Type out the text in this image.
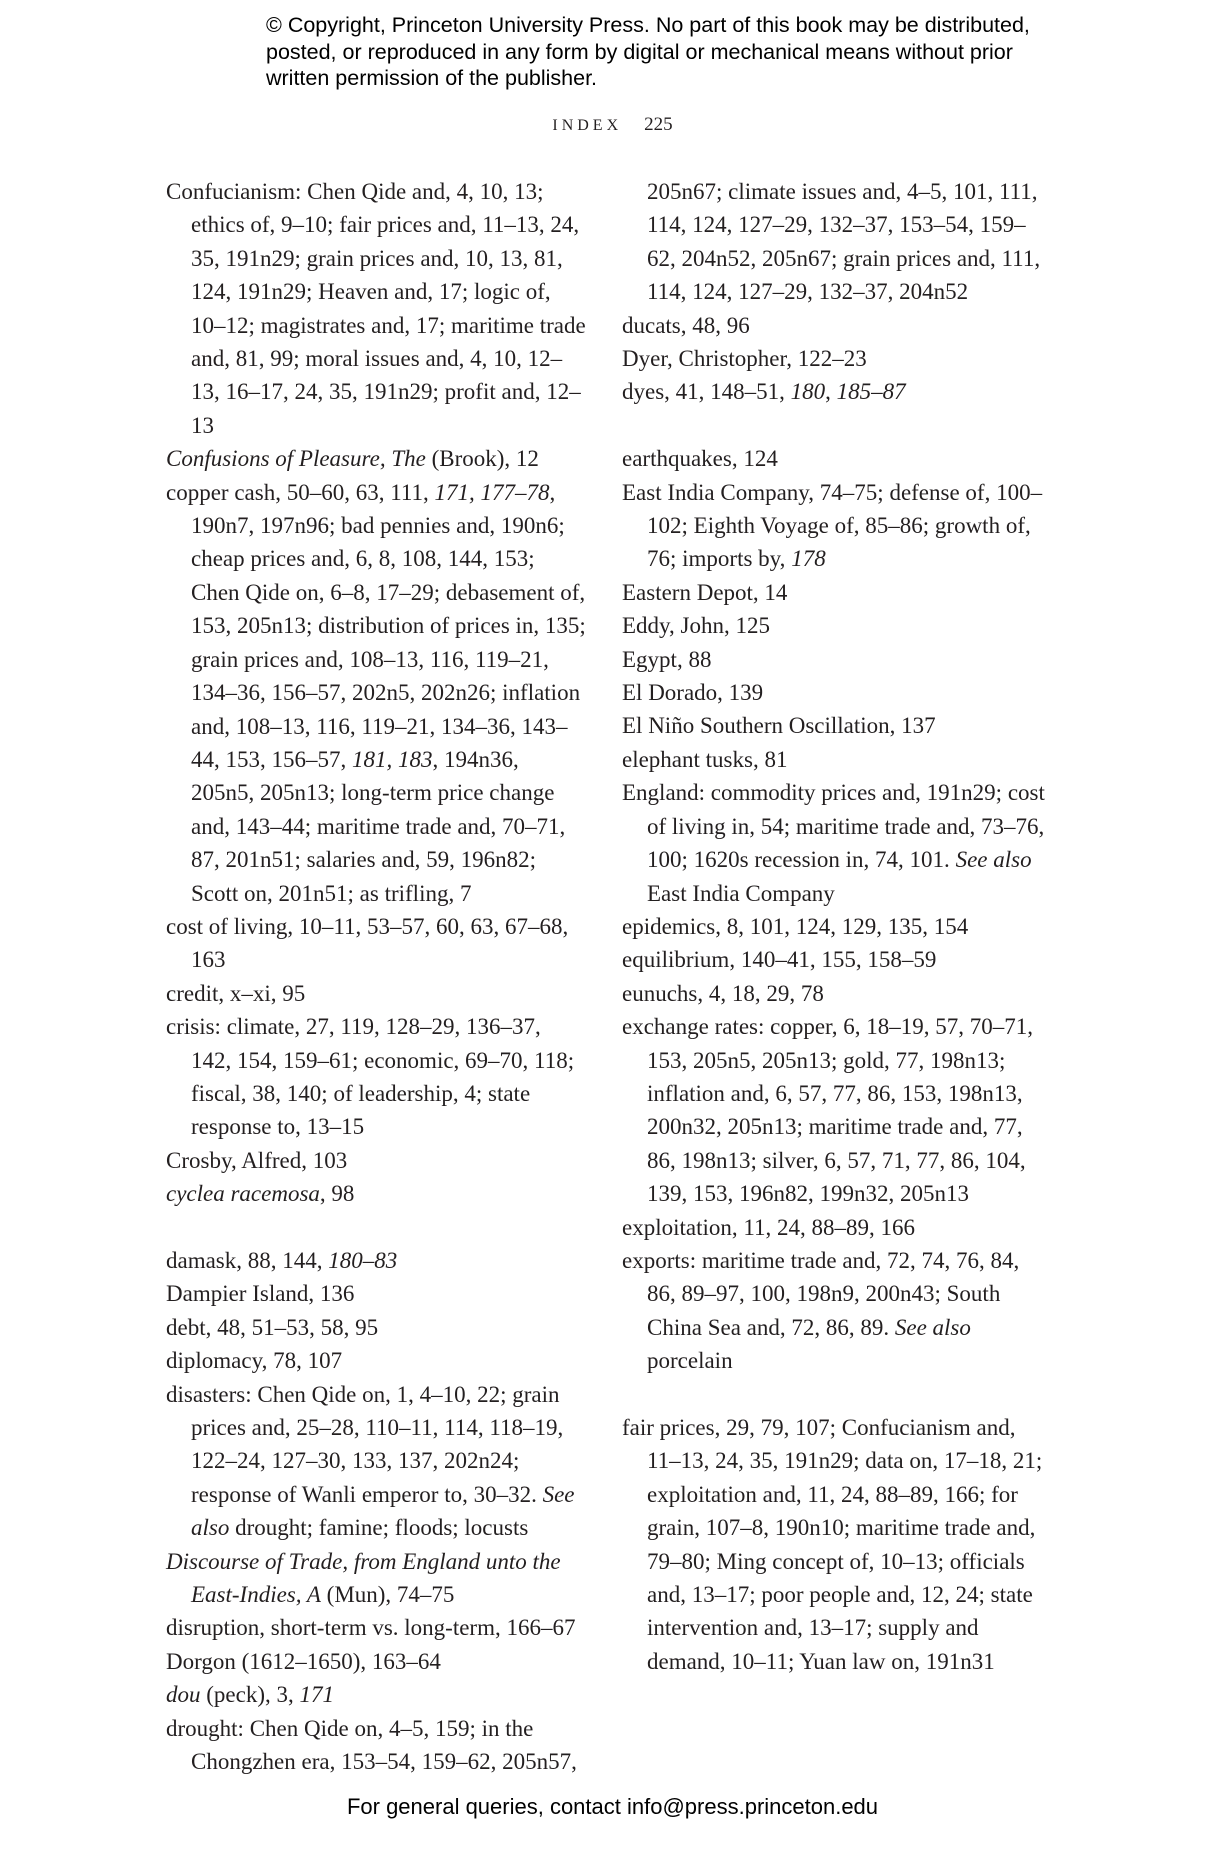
© Copyright, Princeton University Press. No part of this book may be distributed, posted, or reproduced in any form by digital or mechanical means without prior written permission of the publisher.
INDEX 225
Confucianism: Chen Qide and, 4, 10, 13; ethics of, 9–10; fair prices and, 11–13, 24, 35, 191n29; grain prices and, 10, 13, 81, 124, 191n29; Heaven and, 17; logic of, 10–12; magistrates and, 17; maritime trade and, 81, 99; moral issues and, 4, 10, 12–13, 16–17, 24, 35, 191n29; profit and, 12–13
Confusions of Pleasure, The (Brook), 12
copper cash, 50–60, 63, 111, 171, 177–78, 190n7, 197n96; bad pennies and, 190n6; cheap prices and, 6, 8, 108, 144, 153; Chen Qide on, 6–8, 17–29; debasement of, 153, 205n13; distribution of prices in, 135; grain prices and, 108–13, 116, 119–21, 134–36, 156–57, 202n5, 202n26; inflation and, 108–13, 116, 119–21, 134–36, 143–44, 153, 156–57, 181, 183, 194n36, 205n5, 205n13; long-term price change and, 143–44; maritime trade and, 70–71, 87, 201n51; salaries and, 59, 196n82; Scott on, 201n51; as trifling, 7
cost of living, 10–11, 53–57, 60, 63, 67–68, 163
credit, x–xi, 95
crisis: climate, 27, 119, 128–29, 136–37, 142, 154, 159–61; economic, 69–70, 118; fiscal, 38, 140; of leadership, 4; state response to, 13–15
Crosby, Alfred, 103
cyclea racemosa, 98
damask, 88, 144, 180–83
Dampier Island, 136
debt, 48, 51–53, 58, 95
diplomacy, 78, 107
disasters: Chen Qide on, 1, 4–10, 22; grain prices and, 25–28, 110–11, 114, 118–19, 122–24, 127–30, 133, 137, 202n24; response of Wanli emperor to, 30–32. See also drought; famine; floods; locusts
Discourse of Trade, from England unto the East-Indies, A (Mun), 74–75
disruption, short-term vs. long-term, 166–67
Dorgon (1612–1650), 163–64
dou (peck), 3, 171
drought: Chen Qide on, 4–5, 159; in the Chongzhen era, 153–54, 159–62, 205n57,
205n67; climate issues and, 4–5, 101, 111, 114, 124, 127–29, 132–37, 153–54, 159–62, 204n52, 205n67; grain prices and, 111, 114, 124, 127–29, 132–37, 204n52
ducats, 48, 96
Dyer, Christopher, 122–23
dyes, 41, 148–51, 180, 185–87
earthquakes, 124
East India Company, 74–75; defense of, 100–102; Eighth Voyage of, 85–86; growth of, 76; imports by, 178
Eastern Depot, 14
Eddy, John, 125
Egypt, 88
El Dorado, 139
El Niño Southern Oscillation, 137
elephant tusks, 81
England: commodity prices and, 191n29; cost of living in, 54; maritime trade and, 73–76, 100; 1620s recession in, 74, 101. See also East India Company
epidemics, 8, 101, 124, 129, 135, 154
equilibrium, 140–41, 155, 158–59
eunuchs, 4, 18, 29, 78
exchange rates: copper, 6, 18–19, 57, 70–71, 153, 205n5, 205n13; gold, 77, 198n13; inflation and, 6, 57, 77, 86, 153, 198n13, 200n32, 205n13; maritime trade and, 77, 86, 198n13; silver, 6, 57, 71, 77, 86, 104, 139, 153, 196n82, 199n32, 205n13
exploitation, 11, 24, 88–89, 166
exports: maritime trade and, 72, 74, 76, 84, 86, 89–97, 100, 198n9, 200n43; South China Sea and, 72, 86, 89. See also porcelain
fair prices, 29, 79, 107; Confucianism and, 11–13, 24, 35, 191n29; data on, 17–18, 21; exploitation and, 11, 24, 88–89, 166; for grain, 107–8, 190n10; maritime trade and, 79–80; Ming concept of, 10–13; officials and, 13–17; poor people and, 12, 24; state intervention and, 13–17; supply and demand, 10–11; Yuan law on, 191n31
For general queries, contact info@press.princeton.edu
